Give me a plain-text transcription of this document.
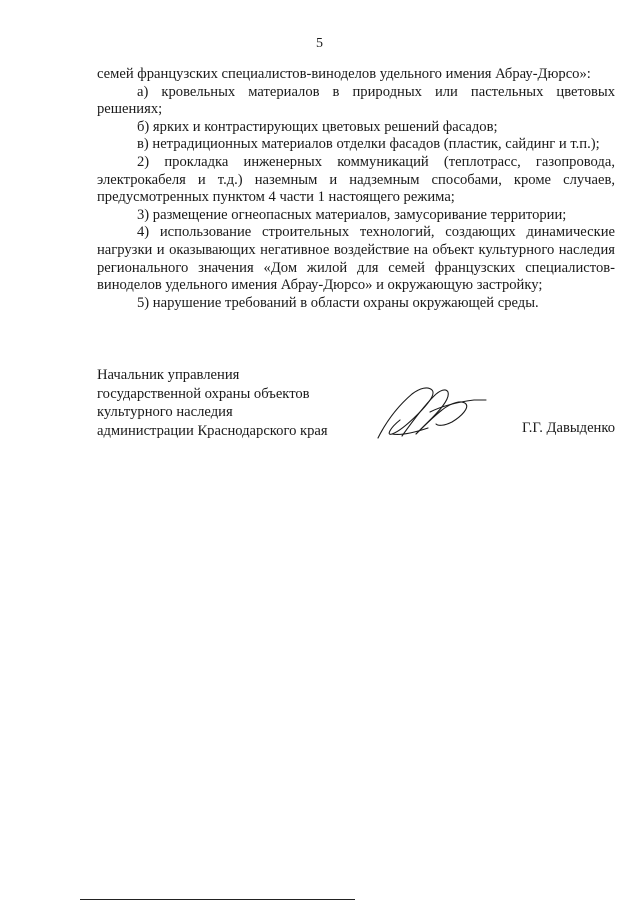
5

семей французских специалистов-виноделов удельного имения Абрау-Дюрсо»:

а) кровельных материалов в природных или пастельных цветовых решениях;

б) ярких и контрастирующих цветовых решений фасадов;

в) нетрадиционных материалов отделки фасадов (пластик, сайдинг и т.п.);

2) прокладка инженерных коммуникаций (теплотрасс, газопровода, электрокабеля и т.д.) наземным и надземным способами, кроме случаев, предусмотренных пунктом 4 части 1 настоящего режима;

3) размещение огнеопасных материалов, замусоривание территории;

4) использование строительных технологий, создающих динамические нагрузки и оказывающих негативное воздействие на объект культурного наследия регионального значения «Дом жилой для семей французских специалистов-виноделов удельного имения Абрау-Дюрсо» и окружающую застройку;

5) нарушение требований в области охраны окружающей среды.

Начальник управления
государственной охраны объектов
культурного наследия
администрации Краснодарского края	Г.Г. Давыденко
